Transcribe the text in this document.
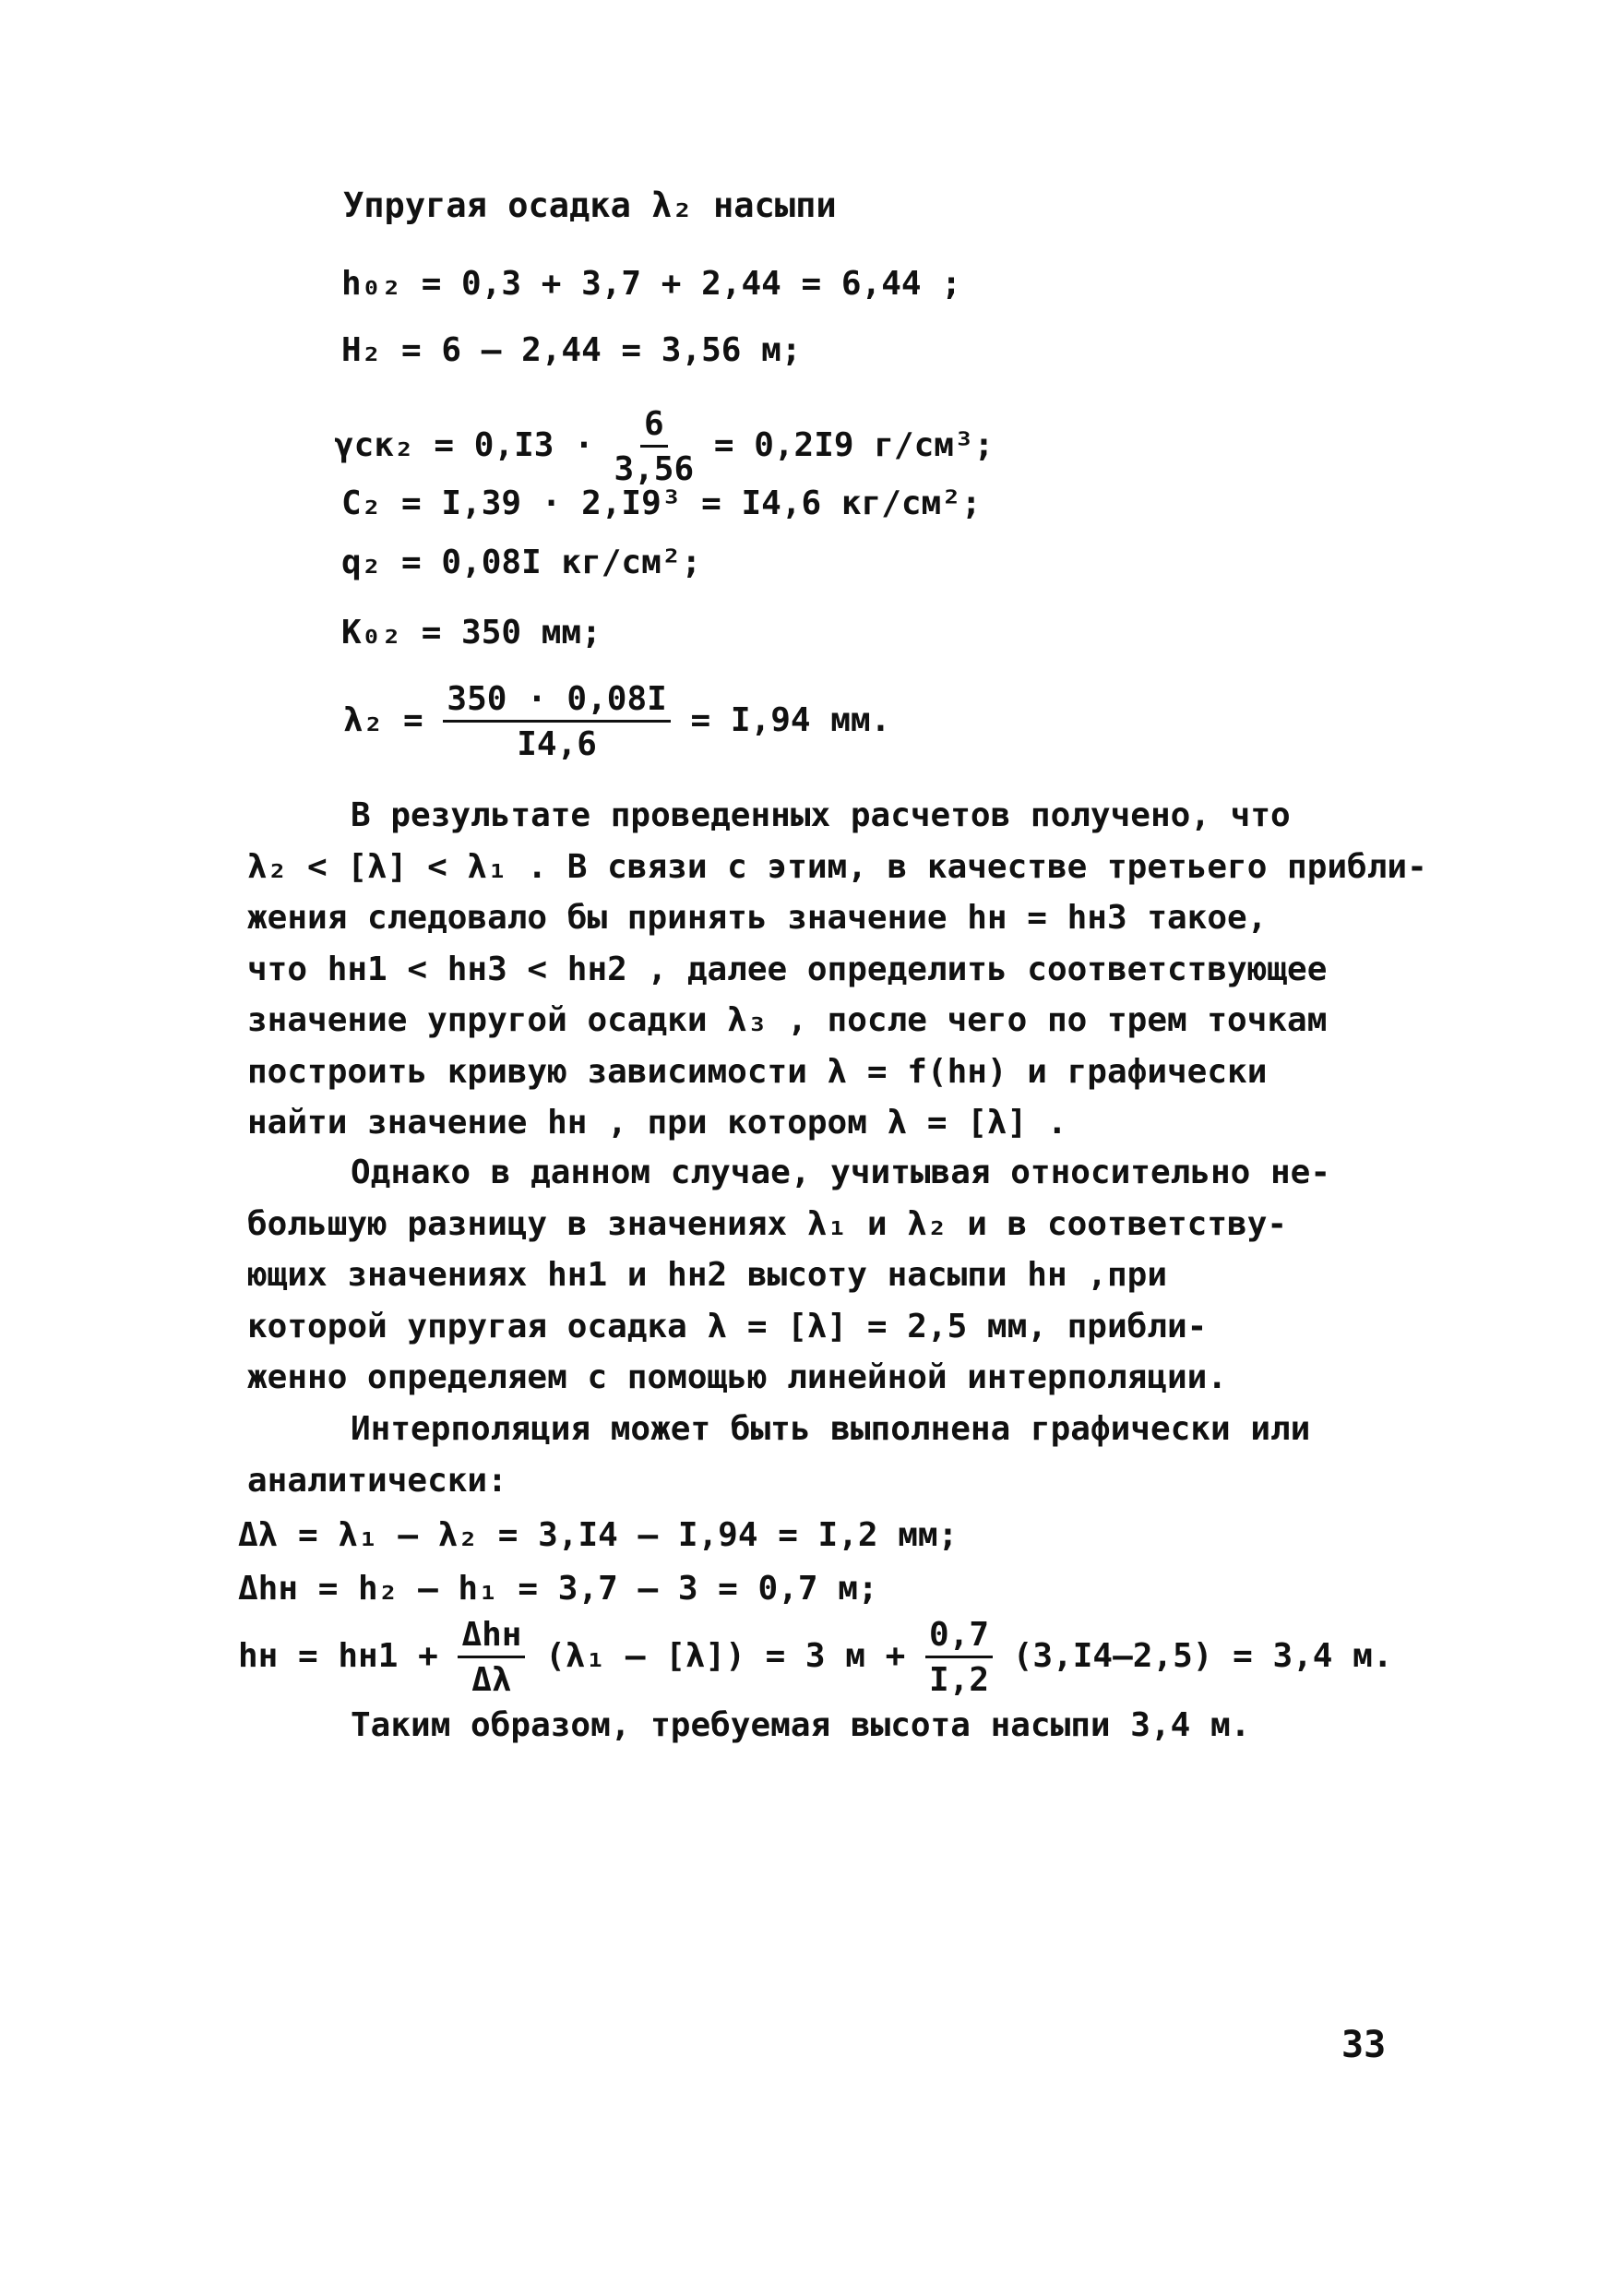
Упругая осадка λ₂ насыпи
h₀₂ = 0,3 + 3,7 + 2,44 = 6,44 ;
H₂ = 6 – 2,44 = 3,56 м;
$\gamma ск_2 = 0,I3 \cdot \frac{6}{3,56} = 0,2I9$ г/см³;
C₂ = I,39 · 2,I9³ = I4,6 кг/см²;
q₂ = 0,08I кг/см²;
K₀₂ = 350 мм;
$\lambda_2 = \frac{350 \cdot 0,08I}{I4,6} = I,94$ мм.
В результате проведенных расчетов получено, что
λ₂ < [λ] < λ₁ . В связи с этим, в качестве третьего прибли-
жения следовало бы принять значение hн = hн3 такое,
что hн1 < hн3 < hн2 , далее определить соответствующее
значение упругой осадки λ₃ , после чего по трем точкам
построить кривую зависимости λ = f(hн) и графически
найти значение hн , при котором λ = [λ] .
Однако в данном случае, учитывая относительно не-
большую разницу в значениях λ₁ и λ₂ и в соответству-
ющих значениях hн1 и hн2 высоту насыпи hн ,при
которой упругая осадка λ = [λ] = 2,5 мм, прибли-
женно определяем с помощью линейной интерполяции.
Интерполяция может быть выполнена графически или
аналитически:
Δλ = λ₁ – λ₂ = 3,I4 – I,94 = I,2 мм;
Δhн = h₂ – h₁ = 3,7 – 3 = 0,7 м;
hн = $hн1 + \frac{\text{Δhн}}{\Delta\lambda} (\lambda_1 - [\lambda]) = 3$ $м + \frac{0,7}{I,2} (3,I4-2,5) = 3,4$ м.
Таким образом, требуемая высота насыпи 3,4 м.
33
